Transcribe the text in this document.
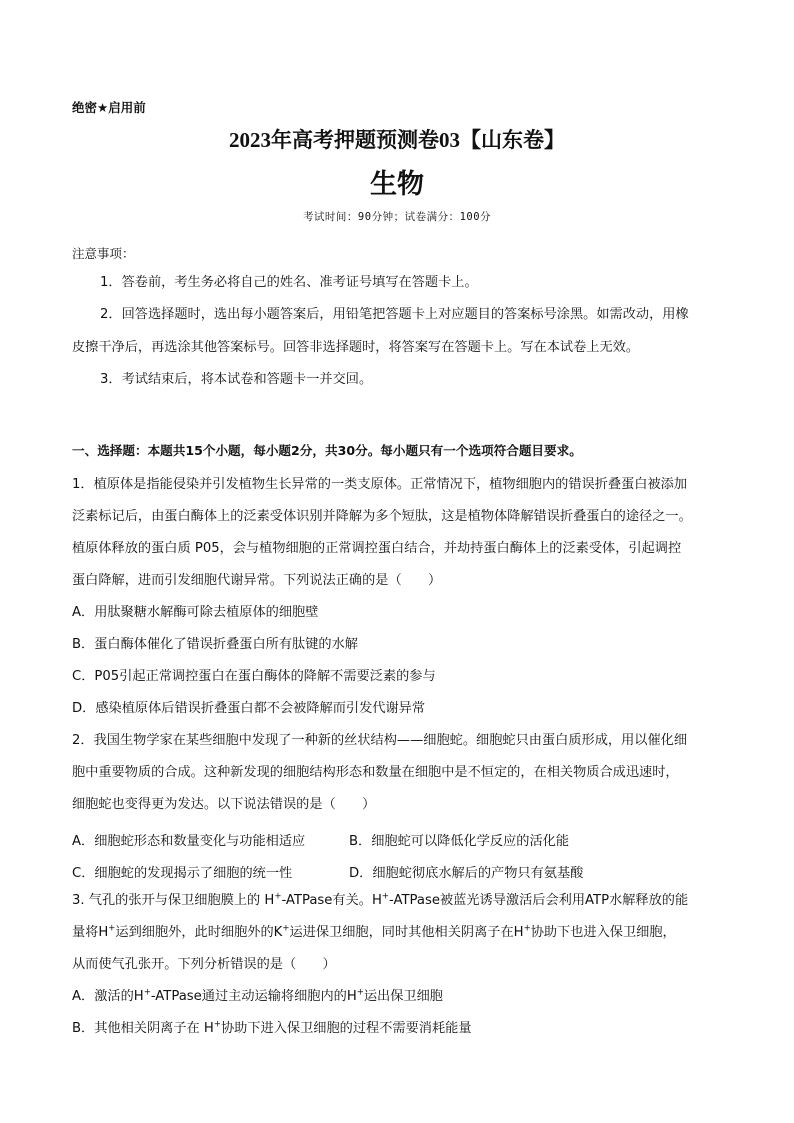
绝密★启用前
2023年高考押题预测卷03【山东卷】
生物
考试时间：90分钟；试卷满分：100分
注意事项：
1．答卷前，考生务必将自己的姓名、准考证号填写在答题卡上。
2．回答选择题时，选出每小题答案后，用铅笔把答题卡上对应题目的答案标号涂黑。如需改动，用橡
皮擦干净后，再选涂其他答案标号。回答非选择题时，将答案写在答题卡上。写在本试卷上无效。
3．考试结束后，将本试卷和答题卡一并交回。
一、选择题：本题共15个小题，每小题2分，共30分。每小题只有一个选项符合题目要求。
1．植原体是指能侵染并引发植物生长异常的一类支原体。正常情况下，植物细胞内的错误折叠蛋白被添加
泛素标记后，由蛋白酶体上的泛素受体识别并降解为多个短肽，这是植物体降解错误折叠蛋白的途径之一。
植原体释放的蛋白质 P05，会与植物细胞的正常调控蛋白结合，并劫持蛋白酶体上的泛素受体，引起调控
蛋白降解，进而引发细胞代谢异常。下列说法正确的是（　　）
A．用肽聚糖水解酶可除去植原体的细胞壁
B．蛋白酶体催化了错误折叠蛋白所有肽键的水解
C．P05引起正常调控蛋白在蛋白酶体的降解不需要泛素的参与
D．感染植原体后错误折叠蛋白都不会被降解而引发代谢异常
2．我国生物学家在某些细胞中发现了一种新的丝状结构——细胞蛇。细胞蛇只由蛋白质形成，用以催化细
胞中重要物质的合成。这种新发现的细胞结构形态和数量在细胞中是不恒定的，在相关物质合成迅速时，
细胞蛇也变得更为发达。以下说法错误的是（　　）
A．细胞蛇形态和数量变化与功能相适应	B．细胞蛇可以降低化学反应的活化能
C．细胞蛇的发现揭示了细胞的统一性	D．细胞蛇彻底水解后的产物只有氨基酸
3. 气孔的张开与保卫细胞膜上的 H+-ATPase有关。H+-ATPase被蓝光诱导激活后会利用ATP水解释放的能
量将H+运到细胞外，此时细胞外的K+运进保卫细胞，同时其他相关阴离子在H+协助下也进入保卫细胞，
从而使气孔张开。下列分析错误的是（　　）
A．激活的H+-ATPase通过主动运输将细胞内的H+运出保卫细胞
B．其他相关阴离子在 H+协助下进入保卫细胞的过程不需要消耗能量
